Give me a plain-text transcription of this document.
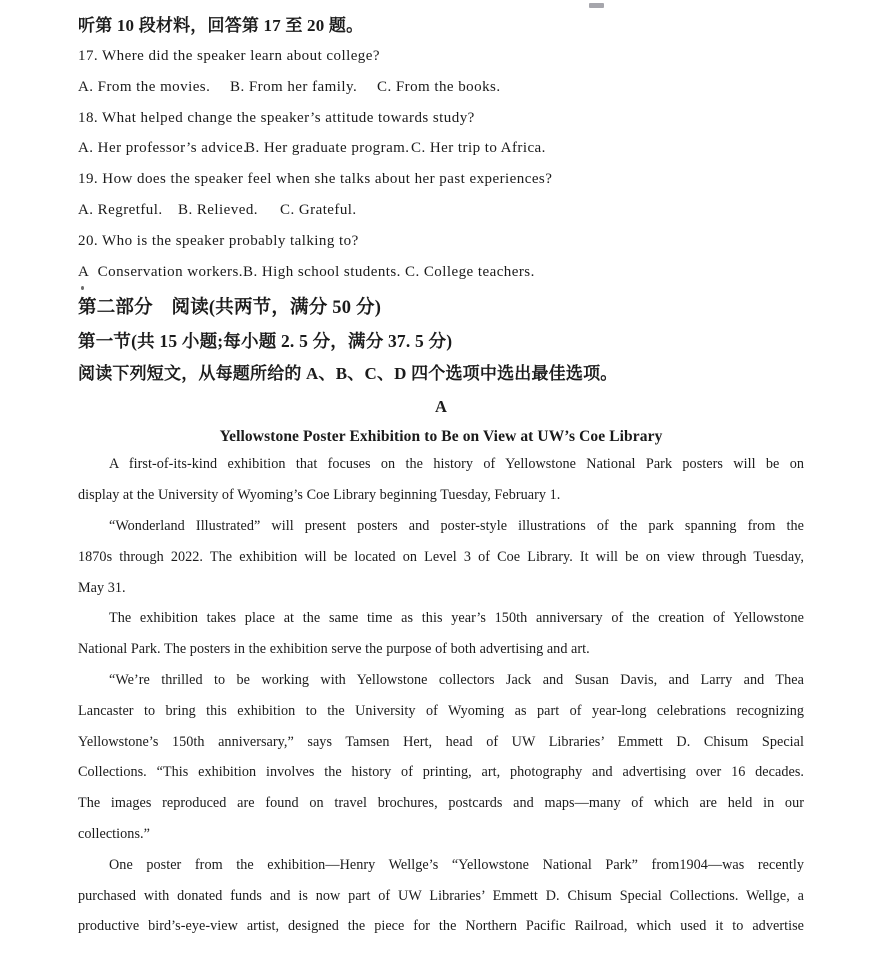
听第 10 段材料，回答第 17 至 20 题。
17. Where did the speaker learn about college?
A. From the movies. B. From her family. C. From the books.
18. What helped change the speaker’s attitude towards study?
A. Her professor’s advice.
B. Her graduate program. C. Her trip to Africa.
19. How does the speaker feel when she talks about her past experiences?
A. Regretful. B. Relieved. C. Grateful.
20. Who is the speaker probably talking to?
A  Conservation workers. B. High school students. C. College teachers.
第二部分　阅读(共两节，满分 50 分)
第一节(共 15 小题;每小题 2. 5 分，满分 37. 5 分)
阅读下列短文，从每题所给的 A、B、C、D 四个选项中选出最佳选项。
A
Yellowstone Poster Exhibition to Be on View at UW’s Coe Library
A first-of-its-kind exhibition that focuses on the history of Yellowstone National Park posters will be on
display at the University of Wyoming’s Coe Library beginning Tuesday, February 1.
“Wonderland Illustrated” will present posters and poster-style illustrations of the park spanning from the
1870s through 2022. The exhibition will be located on Level 3 of Coe Library. It will be on view through Tuesday,
May 31.
The exhibition takes place at the same time as this year’s 150th anniversary of the creation of Yellowstone
National Park. The posters in the exhibition serve the purpose of both advertising and art.
“We’re thrilled to be working with Yellowstone collectors Jack and Susan Davis, and Larry and Thea
Lancaster to bring this exhibition to the University of Wyoming as part of year-long celebrations recognizing
Yellowstone’s 150th anniversary,” says Tamsen Hert, head of UW Libraries’ Emmett D. Chisum Special
Collections. “This exhibition involves the history of printing, art, photography and advertising over 16 decades.
The images reproduced are found on travel brochures, postcards and maps—many of which are held in our
collections.”
One poster from the exhibition—Henry Wellge’s “Yellowstone National Park” from1904—was recently
purchased with donated funds and is now part of UW Libraries’ Emmett D. Chisum Special Collections. Wellge, a
productive bird’s-eye-view artist, designed the piece for the Northern Pacific Railroad, which used it to advertise
